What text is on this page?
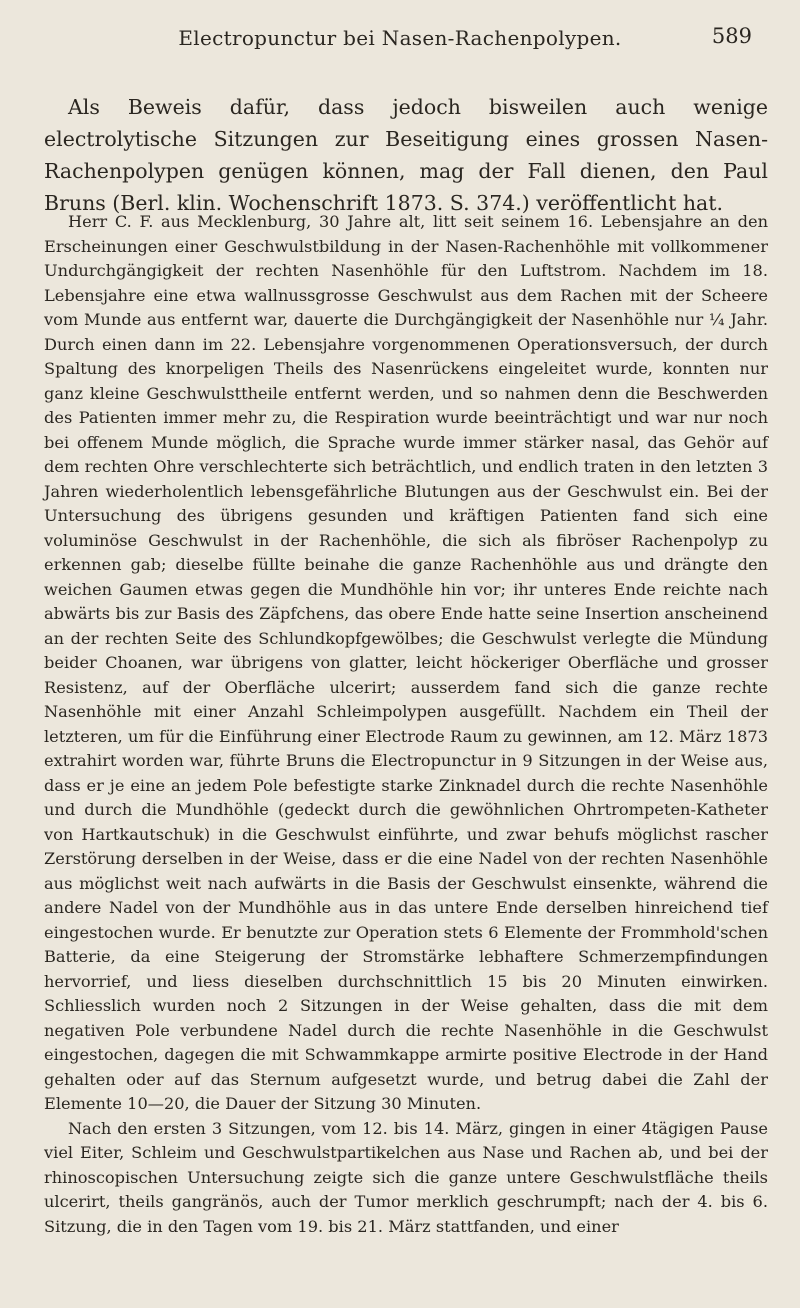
Electropunctur bei Nasen-Rachenpolypen.	589

Als Beweis dafür, dass jedoch bisweilen auch wenige electrolytische Sitzungen zur Beseitigung eines grossen Nasen-Rachenpolypen genügen können, mag der Fall dienen, den Paul Bruns (Berl. klin. Wochenschrift 1873. S. 374.) veröffentlicht hat.

Herr C. F. aus Mecklenburg, 30 Jahre alt, litt seit seinem 16. Lebensjahre an den Erscheinungen einer Geschwulstbildung in der Nasen-Rachenhöhle mit vollkommener Undurchgängigkeit der rechten Nasenhöhle für den Luftstrom. Nachdem im 18. Lebensjahre eine etwa wallnussgrosse Geschwulst aus dem Rachen mit der Scheere vom Munde aus entfernt war, dauerte die Durchgängigkeit der Nasenhöhle nur ¼ Jahr. Durch einen dann im 22. Lebensjahre vorgenommenen Operationsversuch, der durch Spaltung des knorpeligen Theils des Nasenrückens eingeleitet wurde, konnten nur ganz kleine Geschwulsttheile entfernt werden, und so nahmen denn die Beschwerden des Patienten immer mehr zu, die Respiration wurde beeinträchtigt und war nur noch bei offenem Munde möglich, die Sprache wurde immer stärker nasal, das Gehör auf dem rechten Ohre verschlechterte sich beträchtlich, und endlich traten in den letzten 3 Jahren wiederholentlich lebensgefährliche Blutungen aus der Geschwulst ein. Bei der Untersuchung des übrigens gesunden und kräftigen Patienten fand sich eine voluminöse Geschwulst in der Rachenhöhle, die sich als fibröser Rachenpolyp zu erkennen gab; dieselbe füllte beinahe die ganze Rachenhöhle aus und drängte den weichen Gaumen etwas gegen die Mundhöhle hin vor; ihr unteres Ende reichte nach abwärts bis zur Basis des Zäpfchens, das obere Ende hatte seine Insertion anscheinend an der rechten Seite des Schlundkopfgewölbes; die Geschwulst verlegte die Mündung beider Choanen, war übrigens von glatter, leicht höckeriger Oberfläche und grosser Resistenz, auf der Oberfläche ulcerirt; ausserdem fand sich die ganze rechte Nasenhöhle mit einer Anzahl Schleimpolypen ausgefüllt. Nachdem ein Theil der letzteren, um für die Einführung einer Electrode Raum zu gewinnen, am 12. März 1873 extrahirt worden war, führte Bruns die Electropunctur in 9 Sitzungen in der Weise aus, dass er je eine an jedem Pole befestigte starke Zinknadel durch die rechte Nasenhöhle und durch die Mundhöhle (gedeckt durch die gewöhnlichen Ohrtrompeten-Katheter von Hartkautschuk) in die Geschwulst einführte, und zwar behufs möglichst rascher Zerstörung derselben in der Weise, dass er die eine Nadel von der rechten Nasenhöhle aus möglichst weit nach aufwärts in die Basis der Geschwulst einsenkte, während die andere Nadel von der Mundhöhle aus in das untere Ende derselben hinreichend tief eingestochen wurde. Er benutzte zur Operation stets 6 Elemente der Frommhold'schen Batterie, da eine Steigerung der Stromstärke lebhaftere Schmerzempfindungen hervorrief, und liess dieselben durchschnittlich 15 bis 20 Minuten einwirken. Schliesslich wurden noch 2 Sitzungen in der Weise gehalten, dass die mit dem negativen Pole verbundene Nadel durch die rechte Nasenhöhle in die Geschwulst eingestochen, dagegen die mit Schwammkappe armirte positive Electrode in der Hand gehalten oder auf das Sternum aufgesetzt wurde, und betrug dabei die Zahl der Elemente 10—20, die Dauer der Sitzung 30 Minuten.

Nach den ersten 3 Sitzungen, vom 12. bis 14. März, gingen in einer 4tägigen Pause viel Eiter, Schleim und Geschwulstpartikelchen aus Nase und Rachen ab, und bei der rhinoscopischen Untersuchung zeigte sich die ganze untere Geschwulstfläche theils ulcerirt, theils gangränös, auch der Tumor merklich geschrumpft; nach der 4. bis 6. Sitzung, die in den Tagen vom 19. bis 21. März stattfanden, und einer
